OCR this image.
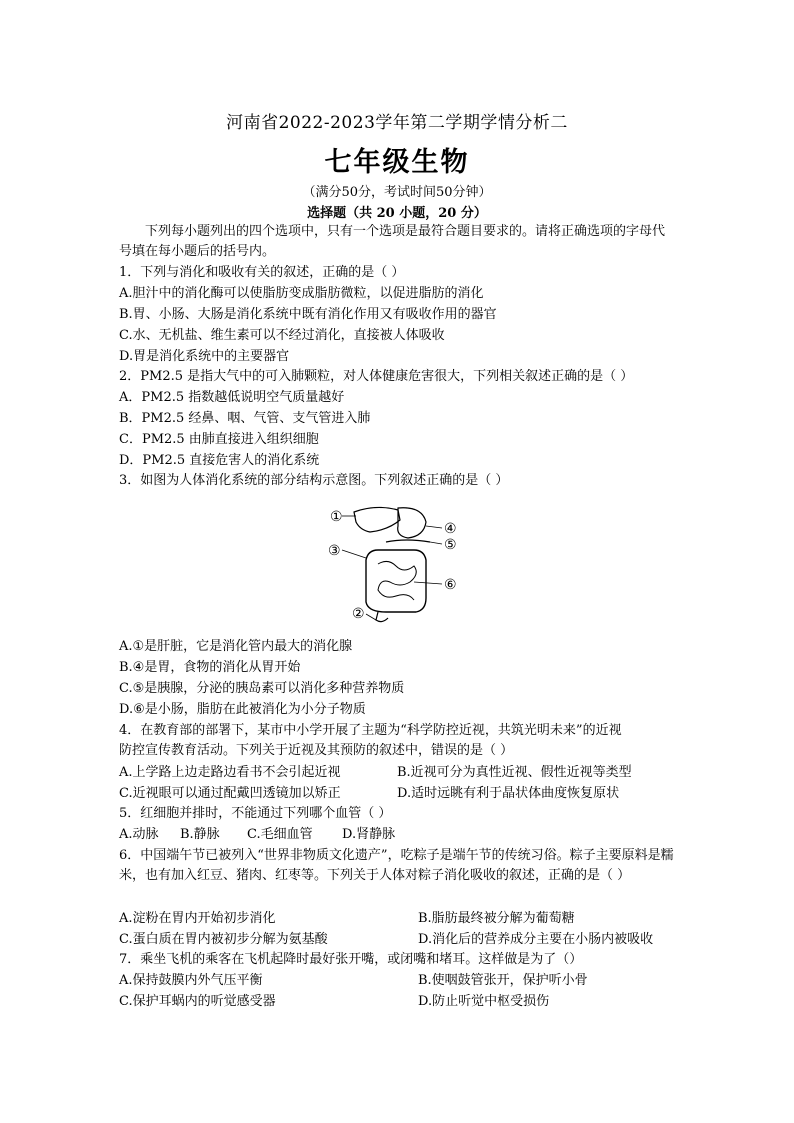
河南省2022-2023学年第二学期学情分析二
七年级生物
（满分50分，考试时间50分钟）
选择题（共 20 小题，20 分）
下列每小题列出的四个选项中，只有一个选项是最符合题目要求的。请将正确选项的字母代号填在每小题后的括号内。
1．下列与消化和吸收有关的叙述，正确的是（ ）
A.胆汁中的消化酶可以使脂肪变成脂肪微粒，以促进脂肪的消化
B.胃、小肠、大肠是消化系统中既有消化作用又有吸收作用的器官
C.水、无机盐、维生素可以不经过消化，直接被人体吸收
D.胃是消化系统中的主要器官
2．PM2.5 是指大气中的可入肺颗粒，对人体健康危害很大，下列相关叙述正确的是（ ）
A．PM2.5 指数越低说明空气质量越好
B．PM2.5 经鼻、咽、气管、支气管进入肺
C．PM2.5 由肺直接进入组织细胞
D．PM2.5 直接危害人的消化系统
3．如图为人体消化系统的部分结构示意图。下列叙述正确的是（ ）
①
④
⑤
③
⑥
②
A.①是肝脏，它是消化管内最大的消化腺
B.④是胃，食物的消化从胃开始
C.⑤是胰腺，分泌的胰岛素可以消化多种营养物质
D.⑥是小肠，脂肪在此被消化为小分子物质
4．在教育部的部署下，某市中小学开展了主题为“科学防控近视，共筑光明未来”的近视
防控宣传教育活动。下列关于近视及其预防的叙述中，错误的是（ ）
A.上学路上边走路边看书不会引起近视	B.近视可分为真性近视、假性近视等类型
C.近视眼可以通过配戴凹透镜加以矫正	D.适时远眺有利于晶状体曲度恢复原状
5．红细胞并排时，不能通过下列哪个血管（ ）
A.动脉 B.静脉 C.毛细血管 D.肾静脉
6．中国端午节已被列入“世界非物质文化遗产”，吃粽子是端午节的传统习俗。粽子主要原料是糯米，也有加入红豆、猪肉、红枣等。下列关于人体对粽子消化吸收的叙述，正确的是（ ）
A.淀粉在胃内开始初步消化	B.脂肪最终被分解为葡萄糖
C.蛋白质在胃内被初步分解为氨基酸	D.消化后的营养成分主要在小肠内被吸收
7．乘坐飞机的乘客在飞机起降时最好张开嘴，或闭嘴和堵耳。这样做是为了（）
A.保持鼓膜内外气压平衡	B.使咽鼓管张开，保护听小骨
C.保护耳蜗内的听觉感受器	D.防止听觉中枢受损伤
